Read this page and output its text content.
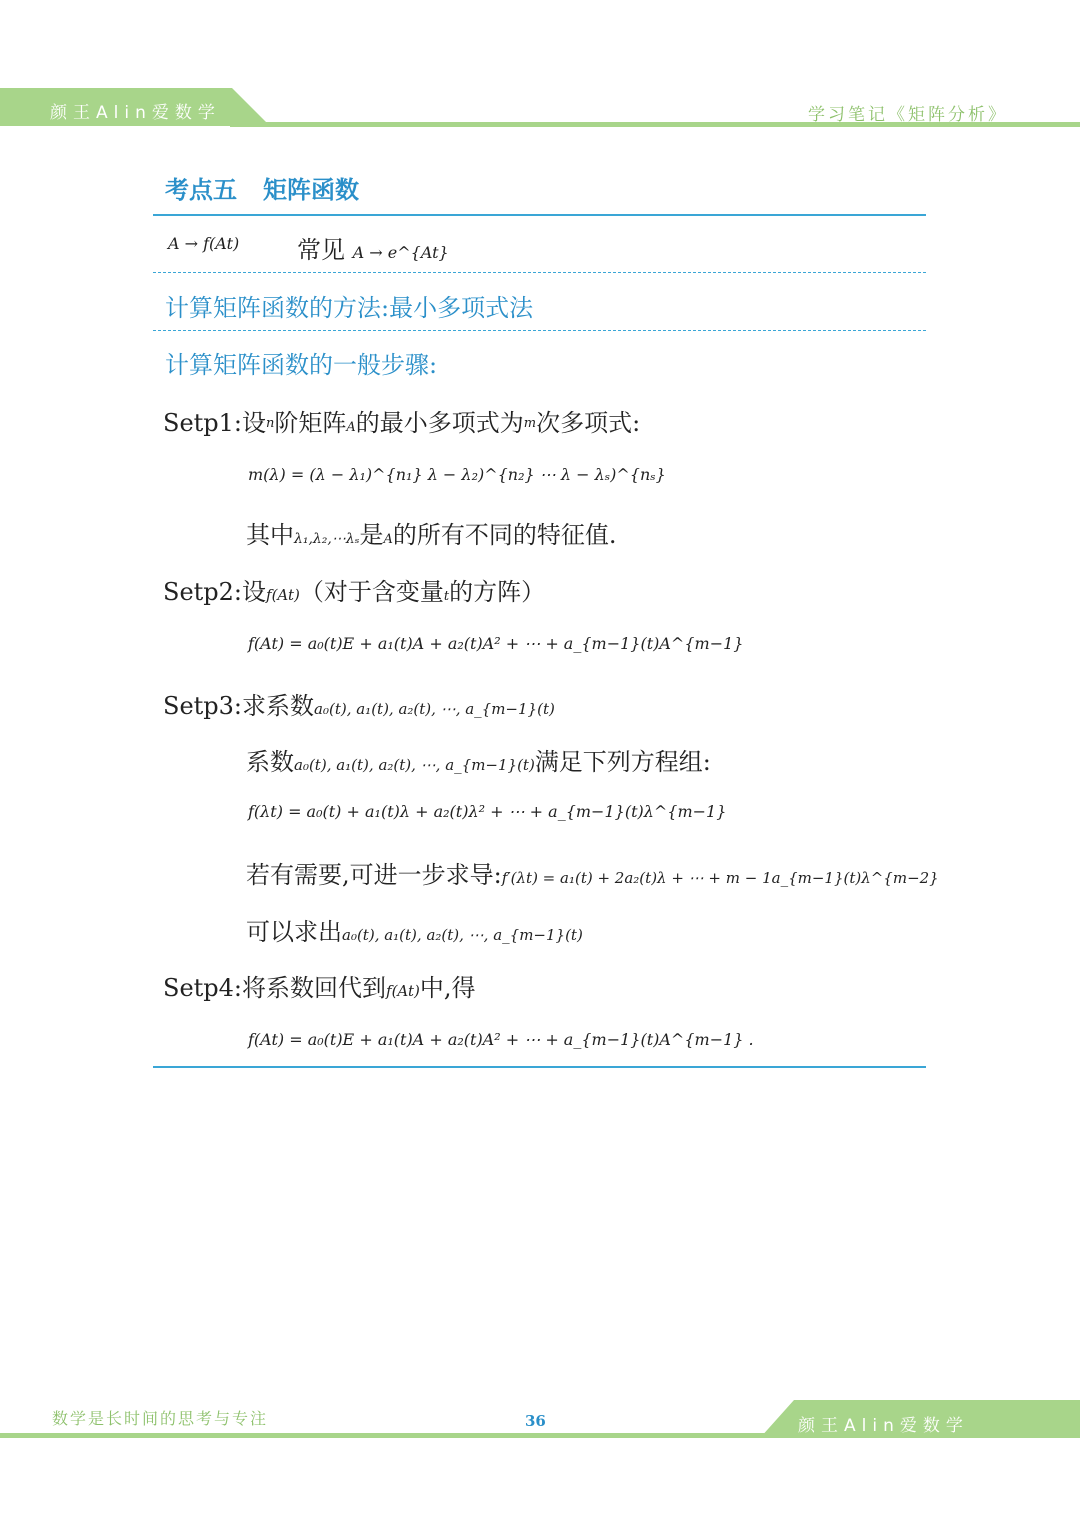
颜王Alin爱数学	学习笔记《矩阵分析》
考点五 矩阵函数
A → f(At) 常见 A → e^{At}
计算矩阵函数的方法:最小多项式法
计算矩阵函数的一般步骤:
Setp1:设n阶矩阵A的最小多项式为m次多项式:
m(λ) = (λ − λ₁)^{n₁} λ − λ₂)^{n₂} ⋯ λ − λₛ)^{nₛ}
其中λ₁,λ₂,⋯λₛ是A的所有不同的特征值.
Setp2:设f(At)（对于含变量t的方阵）
f(At) = a₀(t)E + a₁(t)A + a₂(t)A² + ⋯ + a_{m−1}(t)A^{m−1}
Setp3:求系数a₀(t), a₁(t), a₂(t), ⋯, a_{m−1}(t)
系数a₀(t), a₁(t), a₂(t), ⋯, a_{m−1}(t)满足下列方程组:
f(λt) = a₀(t) + a₁(t)λ + a₂(t)λ² + ⋯ + a_{m−1}(t)λ^{m−1}
若有需要,可进一步求导:f′(λt) = a₁(t) + 2a₂(t)λ + ⋯ + m − 1a_{m−1}(t)λ^{m−2}
可以求出a₀(t), a₁(t), a₂(t), ⋯, a_{m−1}(t)
Setp4:将系数回代到f(At)中,得
f(At) = a₀(t)E + a₁(t)A + a₂(t)A² + ⋯ + a_{m−1}(t)A^{m−1} .
数学是长时间的思考与专注	36	颜王Alin爱数学
